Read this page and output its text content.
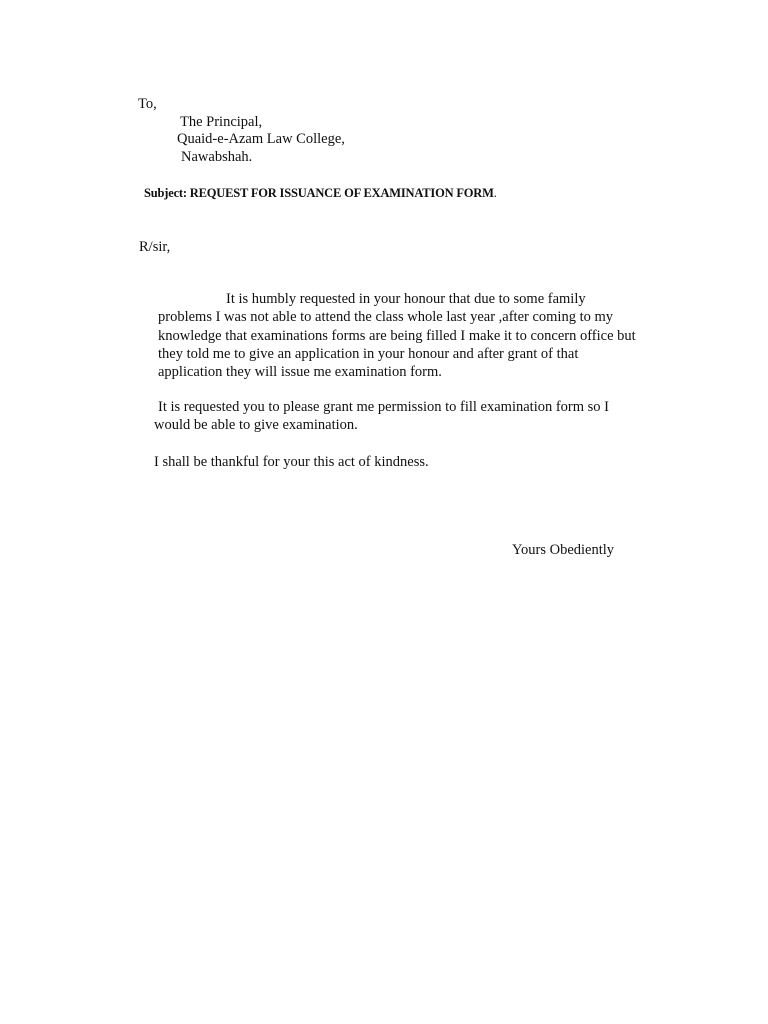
To,
The Principal,
Quaid-e-Azam Law College,
Nawabshah.
Subject: REQUEST FOR ISSUANCE OF EXAMINATION FORM.
R/sir,
It is humbly requested in your honour that due to some family
problems I was not able to attend the class whole last year ,after coming to my
knowledge that examinations forms are being filled I make it to concern office but
they told me to give an application in your honour and after grant of that
application they will issue me examination form.
It is requested you to please grant me permission to fill examination form so I
would be able to give examination.
I shall be thankful for your this act of kindness.
Yours Obediently
